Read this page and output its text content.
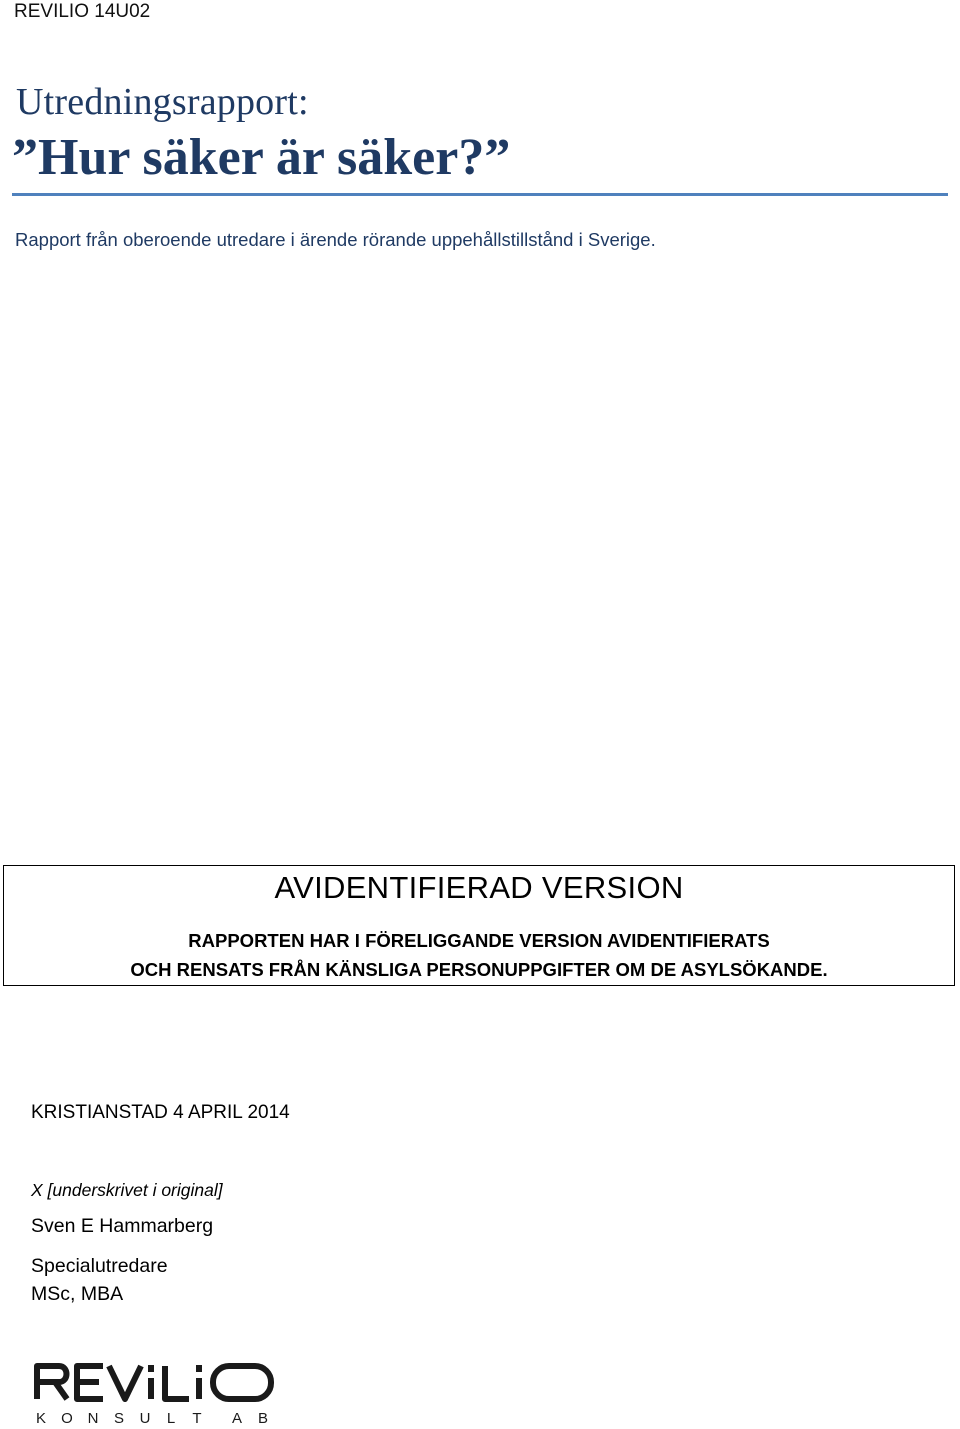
REVILIO 14U02
Utredningsrapport:
”Hur säker är säker?”
Rapport från oberoende utredare i ärende rörande uppehållstillstånd i Sverige.
AVIDENTIFIERAD VERSION
RAPPORTEN HAR I FÖRELIGGANDE VERSION AVIDENTIFIERATS
OCH RENSATS FRÅN KÄNSLIGA PERSONUPPGIFTER OM DE ASYLSÖKANDE.
KRISTIANSTAD 4 APRIL 2014
X [underskrivet i original]
Sven E Hammarberg
Specialutredare
MSc, MBA
K O N S U L T A B
